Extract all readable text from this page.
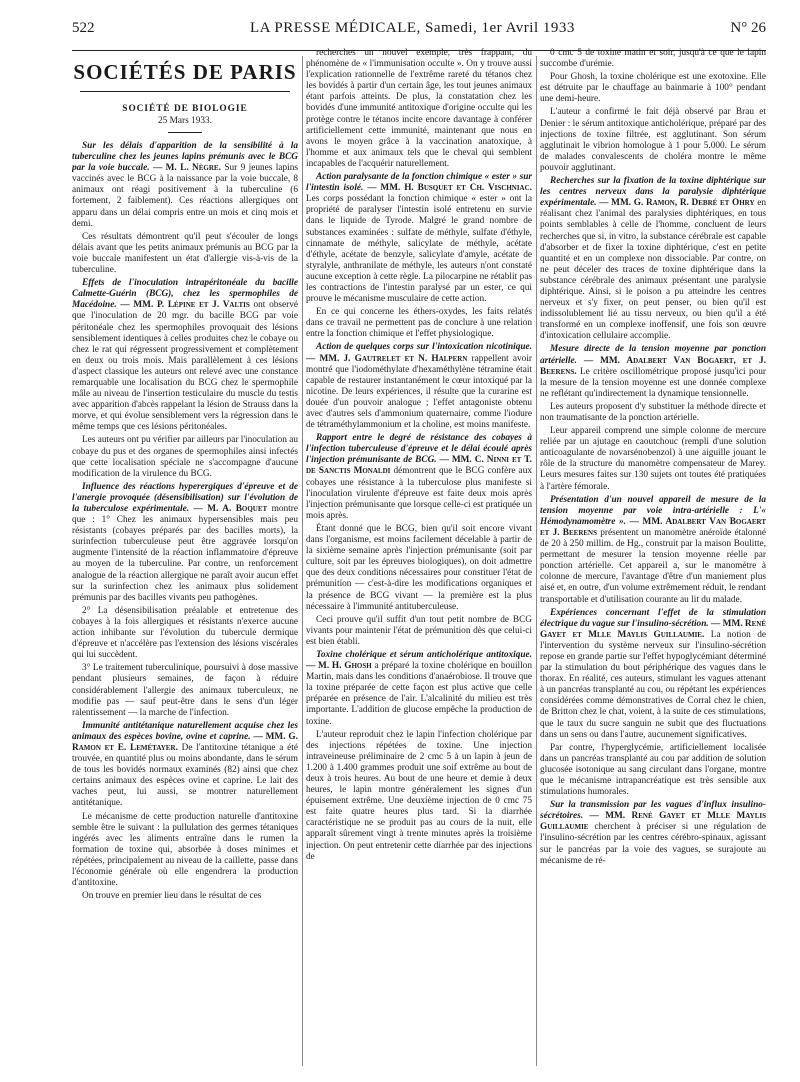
522	LA PRESSE MÉDICALE, Samedi, 1er Avril 1933	N° 26
SOCIÉTÉS DE PARIS
SOCIÉTÉ DE BIOLOGIE
25 Mars 1933.

Sur les délais d'apparition de la sensibilité à la tuberculine chez les jeunes lapins prémunis avec le BCG par la voie buccale. — M. L. Nègre. Sur 9 jeunes lapins vaccinés avec le BCG à la naissance par la voie buccale, 8 animaux ont réagi positivement à la tuberculine (6 fortement, 2 faiblement). Ces réactions allergiques ont apparu dans un délai compris entre un mois et cinq mois et demi.

Ces résultats démontrent qu'il peut s'écouler de longs délais avant que les petits animaux prémunis au BCG par la voie buccale manifestent un état d'allergie vis-à-vis de la tuberculine.

Effets de l'inoculation intrapéritonéale du bacille Calmette-Guérin (BCG), chez les spermophiles de Macédoine. — MM. P. Lépine et J. Valtis ont observé que l'inoculation de 20 mgr. du bacille BCG par voie péritonéale chez les spermophiles provoquait des lésions sensiblement identiques à celles produites chez le cobaye ou chez le rat qui régressent progressivement et complètement en deux ou trois mois. Mais parallèlement à ces lésions d'aspect classique les auteurs ont relevé avec une constance remarquable une localisation du BCG chez le spermophile mâle au niveau de l'insertion testiculaire du muscle du testis avec apparition d'abcès rappelant la lésion de Strauss dans la morve, et qui évolue sensiblement vers la régression dans le même temps que ces lésions péritonéales.

Les auteurs ont pu vérifier par ailleurs par l'inoculation au cobaye du pus et des organes de spermophiles ainsi infectés que cette localisation spéciale ne s'accompagne d'aucune modification de la virulence du BCG.

Influence des réactions hyperergiques d'épreuve et de l'anergie provoquée (désensibilisation) sur l'évolution de la tuberculose expérimentale. — M. A. Boquet montre que : 1° Chez les animaux hypersensibles mais peu résistants (cobayes préparés par des bacilles morts), la surinfection tuberculeuse peut être aggravée lorsqu'on augmente l'intensité de la réaction inflammatoire d'épreuve au moyen de la tuberculine. Par contre, un renforcement analogue de la réaction allergique ne paraît avoir aucun effet sur la surinfection chez les animaux plus solidement prémunis par des bacilles vivants peu pathogènes.

2° La désensibilisation préalable et entretenue des cobayes à la fois allergiques et résistants n'exerce aucune action inhibante sur l'évolution du tubercule dermique d'épreuve et n'accélère pas l'extension des lésions viscérales qui lui succèdent.

3° Le traitement tuberculinique, poursuivi à dose massive pendant plusieurs semaines, de façon à réduire considérablement l'allergie des animaux tuberculeux, ne modifie pas — sauf peut-être dans le sens d'un léger ralentissement — la marche de l'infection.

Immunité antitétanique naturellement acquise chez les animaux des espèces bovine, ovine et caprine. — MM. G. Ramon et E. Lemétayer. De l'antitoxine tétanique a été trouvée, en quantité plus ou moins abondante, dans le sérum de tous les bovidés normaux examinés (82) ainsi que chez certains animaux des espèces ovine et caprine. Le lait des vaches peut, lui aussi, se montrer naturellement antitétanique.

Le mécanisme de cette production naturelle d'antitoxine semble être le suivant : la pullulation des germes tétaniques ingérés avec les aliments entraîne dans le rumen la formation de toxine qui, absorbée à doses minimes et répétées, principalement au niveau de la caillette, passe dans l'économie générale où elle engendrera la production d'antitoxine.

On trouve en premier lieu dans le résultat de ces

recherches un nouvel exemple, très frappant, du phénomène de « l'immunisation occulte ». On y trouve aussi l'explication rationnelle de l'extrême rareté du tétanos chez les bovidés à partir d'un certain âge, les tout jeunes animaux étant parfois atteints. De plus, la constatation chez les bovidés d'une immunité antitoxique d'origine occulte qui les protège contre le tétanos incite encore davantage à conférer artificiellement cette immunité, maintenant que nous en avons le moyen grâce à la vaccination anatoxique, à l'homme et aux animaux tels que le cheval qui semblent incapables de l'acquérir naturellement.

Action paralysante de la fonction chimique « ester » sur l'intestin isolé. — MM. H. Busquet et Ch. Vischniac. Les corps possédant la fonction chimique « ester » ont la propriété de paralyser l'intestin isolé entretenu en survie dans le liquide de Tyrode. Malgré le grand nombre de substances examinées : sulfate de méthyle, sulfate d'éthyle, cinnamate de méthyle, salicylate de méthyle, acétate d'éthyle, acétate de benzyle, salicylate d'amyle, acétate de styralyle, anthranilate de méthyle, les auteurs n'ont constaté aucune exception à cette règle. La pilocarpine ne rétablit pas les contractions de l'intestin paralysé par un ester, ce qui prouve le mécanisme musculaire de cette action.

En ce qui concerne les éthers-oxydes, les faits relatés dans ce travail ne permettent pas de conclure à une relation entre la fonction chimique et l'effet physiologique.

Action de quelques corps sur l'intoxication nicotinique. — MM. J. Gautrelet et N. Halpern rappellent avoir montré que l'iodométhylate d'hexaméthylène tétramine était capable de restaurer instantanément le cœur intoxiqué par la nicotine. De leurs expériences, il résulte que la curarine est douée d'un pouvoir analogue ; l'effet antagoniste obtenu avec d'autres sels d'ammonium quaternaire, comme l'iodure de tétraméthylammonium et la choline, est moins manifeste.

Rapport entre le degré de résistance des cobayes à l'infection tuberculeuse d'épreuve et le délai écoulé après l'injection prémunisante de BCG. — MM. C. Ninni et T. de Sanctis Monaldi démontrent que le BCG confère aux cobayes une résistance à la tuberculose plus manifeste si l'inoculation virulente d'épreuve est faite deux mois après l'injection prémunisante que lorsque celle-ci est pratiquée un mois après.

Étant donné que le BCG, bien qu'il soit encore vivant dans l'organisme, est moins facilement décelable à partir de la sixième semaine après l'injection prémunisante (soit par culture, soit par les épreuves biologiques), on doit admettre que des deux conditions nécessaires pour constituer l'état de prémunition — c'est-à-dire les modifications organiques et la présence de BCG vivant — la première est la plus nécessaire à l'immunité antituberculeuse.

Ceci prouve qu'il suffit d'un tout petit nombre de BCG vivants pour maintenir l'état de prémunition dès que celui-ci est bien établi.

Toxine cholérique et sérum anticholérique antitoxique. — M. H. Ghosh a préparé la toxine cholérique en bouillon Martin, mais dans les conditions d'anaérobiose. Il trouve que la toxine préparée de cette façon est plus active que celle préparée en présence de l'air. L'alcalinité du milieu est très importante. L'addition de glucose empêche la production de toxine.

L'auteur reproduit chez le lapin l'infection cholérique par des injections répétées de toxine. Une injection intraveineuse préliminaire de 2 cmc 5 à un lapin à jeun de 1.200 à 1.400 grammes produit une soif extrême au bout de deux à trois heures. Au bout de une heure et demie à deux heures, le lapin montre généralement les signes d'un épuisement extrême. Une deuxième injection de 0 cmc 75 est faite quatre heures plus tard. Si la diarrhée caractéristique ne se produit pas au cours de la nuit, elle apparaît sûrement vingt à trente minutes après la troisième injection. On peut entretenir cette diarrhée par des injections de

0 cmc 5 de toxine matin et soir, jusqu'à ce que le lapin succombe d'urémie.

Pour Ghosh, la toxine cholérique est une exotoxine. Elle est détruite par le chauffage au bainmarie à 100° pendant une demi-heure.

L'auteur a confirmé le fait déjà observé par Brau et Denier : le sérum antitoxique anticholérique, préparé par des injections de toxine filtrée, est agglutinant. Son sérum agglutinait le vibrion homologue à 1 pour 5.000. Le sérum de malades convalescents de choléra montre le même pouvoir agglutinant.

Recherches sur la fixation de la toxine diphtérique sur les centres nerveux dans la paralysie diphtérique expérimentale. — MM. G. Ramon, R. Debré et Ohry en réalisant chez l'animal des paralysies diphtériques, en tous points semblables à celle de l'homme, concluent de leurs recherches que si, in vitro, la substance cérébrale est capable d'absorber et de fixer la toxine diphtérique, c'est en petite quantité et en un complexe non dissociable. Par contre, on ne peut déceler des traces de toxine diphtérique dans la substance cérébrale des animaux présentant une paralysie diphtérique. Ainsi, si le poison a pu atteindre les centres nerveux et s'y fixer, on peut penser, ou bien qu'il est indissolublement lié au tissu nerveux, ou bien qu'il a été transformé en un complexe inoffensif, une fois son œuvre d'intoxication cellulaire accomplie.

Mesure directe de la tension moyenne par ponction artérielle. — MM. Adalbert Van Bogaert, et J. Beerens. Le critère oscillométrique proposé jusqu'ici pour la mesure de la tension moyenne est une donnée complexe ne reflétant qu'indirectement la dynamique tensionnelle.

Les auteurs proposent d'y substituer la méthode directe et non traumatisante de la ponction artérielle.

Leur appareil comprend une simple colonne de mercure reliée par un ajutage en caoutchouc (rempli d'une solution anticoagulante de novarsénobenzol) à une aiguille jouant le rôle de la structure du manomètre compensateur de Marey. Leurs mesures faites sur 130 sujets ont toutes été pratiquées à l'artère fémorale.

Présentation d'un nouvel appareil de mesure de la tension moyenne par voie intra-artérielle : L'« Hémodynamomètre ». — MM. Adalbert Van Bogaert et J. Beerens présentent un manomètre anéroïde étalonné de 20 à 250 millim. de Hg., construit par la maison Boulitte, permettant de mesurer la tension moyenne réelle par ponction artérielle. Cet appareil a, sur le manomètre à colonne de mercure, l'avantage d'être d'un maniement plus aisé et, en outre, d'un volume extrêmement réduit, le rendant transportable et d'utilisation courante au lit du malade.

Expériences concernant l'effet de la stimulation électrique du vague sur l'insulino-sécrétion. — MM. René Gayet et Mlle Maylis Guillaumie. La notion de l'intervention du système nerveux sur l'insulino-sécrétion repose en grande partie sur l'effet hypoglycémiant déterminé par la stimulation du bout périphérique des vagues dans le thorax. En réalité, ces auteurs, stimulant les vagues attenant à un pancréas transplanté au cou, ou répétant les expériences considérées comme démonstratives de Corral chez le chien, de Britton chez le chat, voient, à la suite de ces stimulations, que le taux du sucre sanguin ne subit que des fluctuations dans un sens ou dans l'autre, aucunement significatives.

Par contre, l'hyperglycémie, artificiellement localisée dans un pancréas transplanté au cou par addition de solution glucosée isotonique au sang circulant dans l'organe, montre que le mécanisme intrapancréatique est très sensible aux stimulations humorales.

Sur la transmission par les vagues d'influx insulino-sécrétoires. — MM. René Gayet et Mlle Maylis Guillaumie cherchent à préciser si une régulation de l'insulino-sécrétion par les centres cérébro-spinaux, agissant sur le pancréas par la voie des vagues, se surajoute au mécanisme de ré-
